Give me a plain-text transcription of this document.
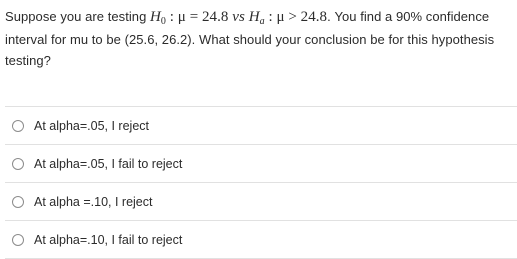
Suppose you are testing $H_0$ : μ = 24.8 vs $H_a$ : μ > 24.8. You find a 90% confidence interval for mu to be (25.6, 26.2). What should your conclusion be for this hypothesis testing?
At alpha=.05, I reject
At alpha=.05, I fail to reject
At alpha =.10, I reject
At alpha=.10, I fail to reject
